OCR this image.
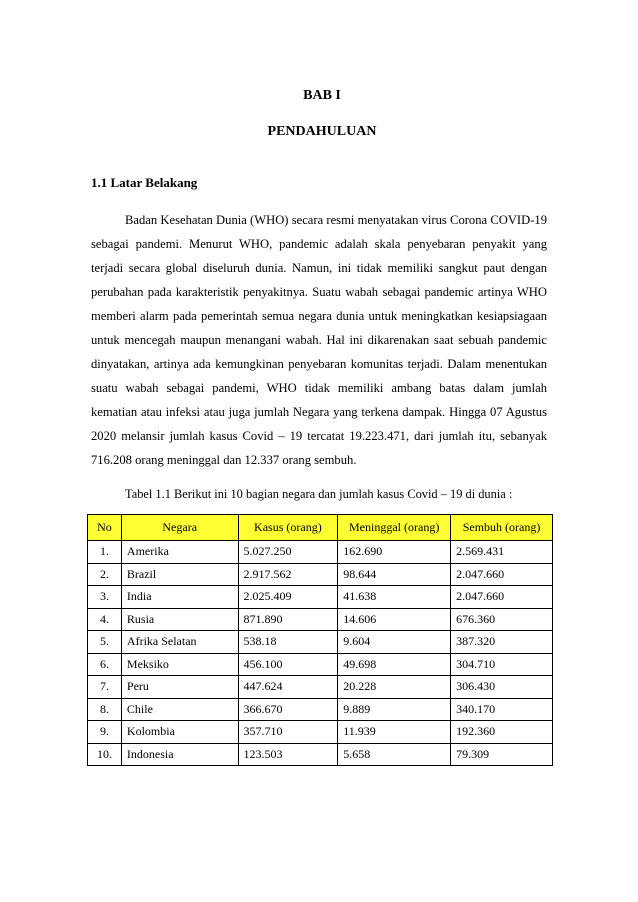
BAB I
PENDAHULUAN
1.1 Latar Belakang

Badan Kesehatan Dunia (WHO) secara resmi menyatakan virus Corona COVID-19 sebagai pandemi. Menurut WHO, pandemic adalah skala penyebaran penyakit yang terjadi secara global diseluruh dunia. Namun, ini tidak memiliki sangkut paut dengan perubahan pada karakteristik penyakitnya. Suatu wabah sebagai pandemic artinya WHO memberi alarm pada pemerintah semua negara dunia untuk meningkatkan kesiapsiagaan untuk mencegah maupun menangani wabah. Hal ini dikarenakan saat sebuah pandemic dinyatakan, artinya ada kemungkinan penyebaran komunitas terjadi. Dalam menentukan suatu wabah sebagai pandemi, WHO tidak memiliki ambang batas dalam jumlah kematian atau infeksi atau juga jumlah Negara yang terkena dampak. Hingga 07 Agustus 2020 melansir jumlah kasus Covid – 19 tercatat 19.223.471, dari jumlah itu, sebanyak 716.208 orang meninggal dan 12.337 orang sembuh.

Tabel 1.1 Berikut ini 10 bagian negara dan jumlah kasus Covid – 19 di dunia :
No	Negara	Kasus (orang)	Meninggal (orang)	Sembuh (orang)
1.	Amerika	5.027.250	162.690	2.569.431
2.	Brazil	2.917.562	98.644	2.047.660
3.	India	2.025.409	41.638	2.047.660
4.	Rusia	871.890	14.606	676.360
5.	Afrika Selatan	538.18	9.604	387.320
6.	Meksiko	456.100	49.698	304.710
7.	Peru	447.624	20.228	306.430
8.	Chile	366.670	9.889	340.170
9.	Kolombia	357.710	11.939	192.360
10.	Indonesia	123.503	5.658	79.309
